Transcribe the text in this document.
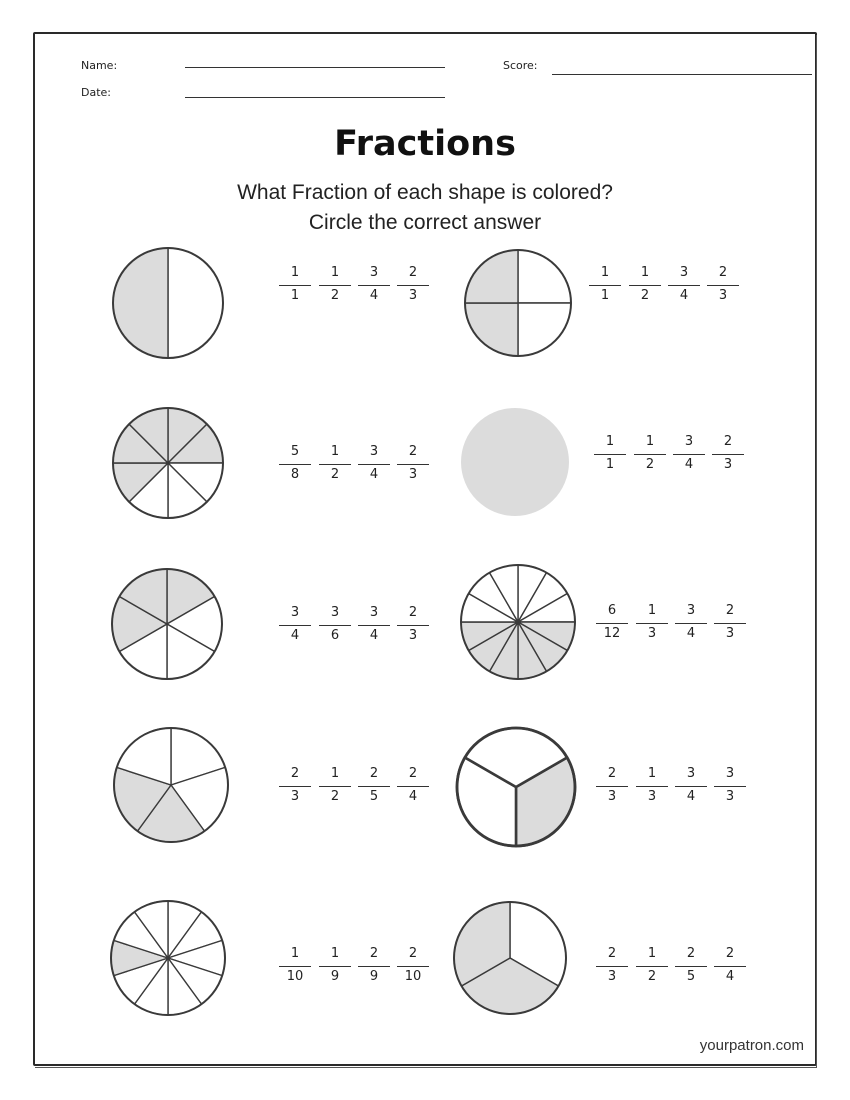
Name:
Date:
Score:
Fractions
What Fraction of each shape is colored?
Circle the correct answer
1
1
1
2
3
4
2
3
1
1
1
2
3
4
2
3
5
8
1
2
3
4
2
3
1
1
1
2
3
4
2
3
3
4
3
6
3
4
2
3
6
12
1
3
3
4
2
3
2
3
1
2
2
5
2
4
2
3
1
3
3
4
3
3
1
10
1
9
2
9
2
10
2
3
1
2
2
5
2
4
yourpatron.com
